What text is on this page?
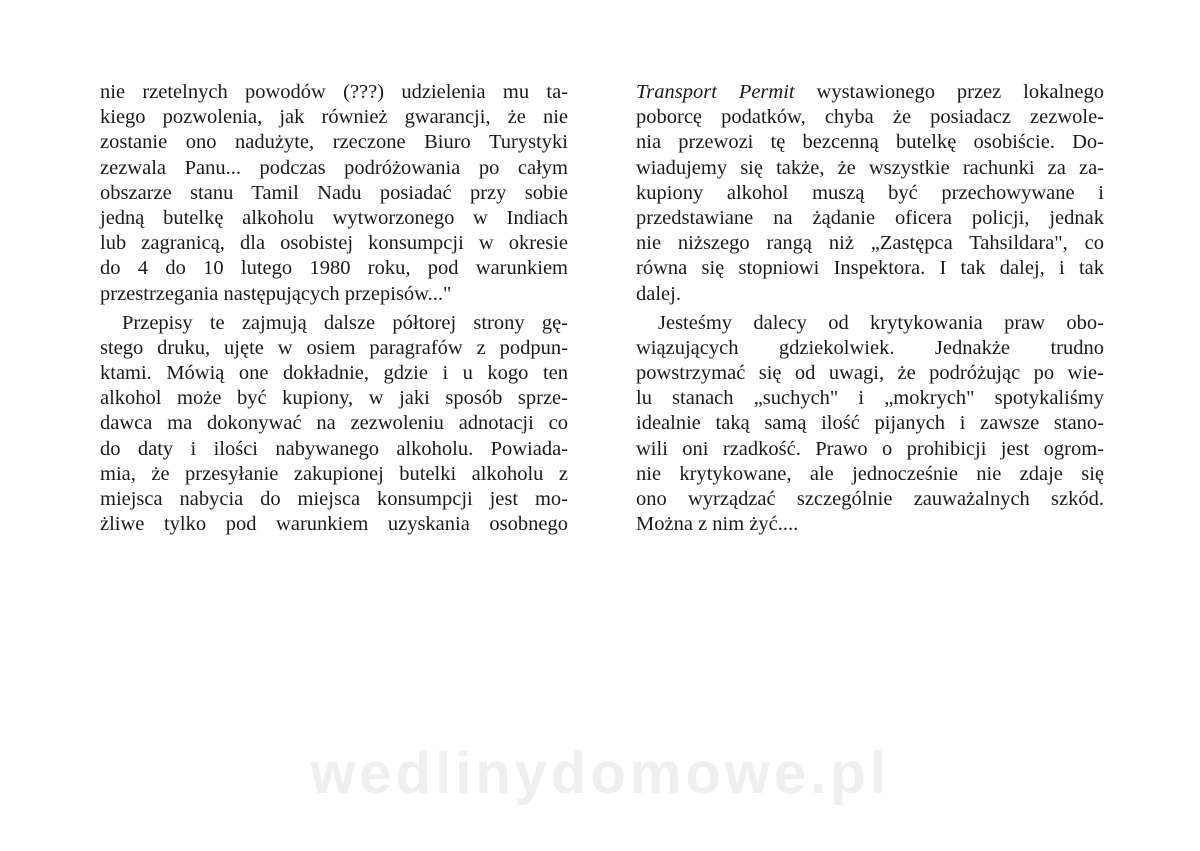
nie rzetelnych powodów (???) udzielenia mu ta-
kiego pozwolenia, jak również gwarancji, że nie
zostanie ono nadużyte, rzeczone Biuro Turystyki
zezwala Panu... podczas podróżowania po całym
obszarze stanu Tamil Nadu posiadać przy sobie
jedną butelkę alkoholu wytworzonego w Indiach
lub zagranicą, dla osobistej konsumpcji w okresie
do 4 do 10 lutego 1980 roku, pod warunkiem
przestrzegania następujących przepisów..."
Przepisy te zajmują dalsze półtorej strony gę-
stego druku, ujęte w osiem paragrafów z podpun-
ktami. Mówią one dokładnie, gdzie i u kogo ten
alkohol może być kupiony, w jaki sposób sprze-
dawca ma dokonywać na zezwoleniu adnotacji co
do daty i ilości nabywanego alkoholu. Powiada-
mia, że przesyłanie zakupionej butelki alkoholu z
miejsca nabycia do miejsca konsumpcji jest mo-
żliwe tylko pod warunkiem uzyskania osobnego
Transport Permit wystawionego przez lokalnego
poborcę podatków, chyba że posiadacz zezwole-
nia przewozi tę bezcenną butelkę osobiście. Do-
wiadujemy się także, że wszystkie rachunki za za-
kupiony alkohol muszą być przechowywane i
przedstawiane na żądanie oficera policji, jednak
nie niższego rangą niż „Zastępca Tahsildara", co
równa się stopniowi Inspektora. I tak dalej, i tak
dalej.
Jesteśmy dalecy od krytykowania praw obo-
wiązujących gdziekolwiek. Jednakże trudno
powstrzymać się od uwagi, że podróżując po wie-
lu stanach „suchych" i „mokrych" spotykaliśmy
idealnie taką samą ilość pijanych i zawsze stano-
wili oni rzadkość. Prawo o prohibicji jest ogrom-
nie krytykowane, ale jednocześnie nie zdaje się
ono wyrządzać szczególnie zauważalnych szkód.
Można z nim żyć....
wedlinydomowe.pl
